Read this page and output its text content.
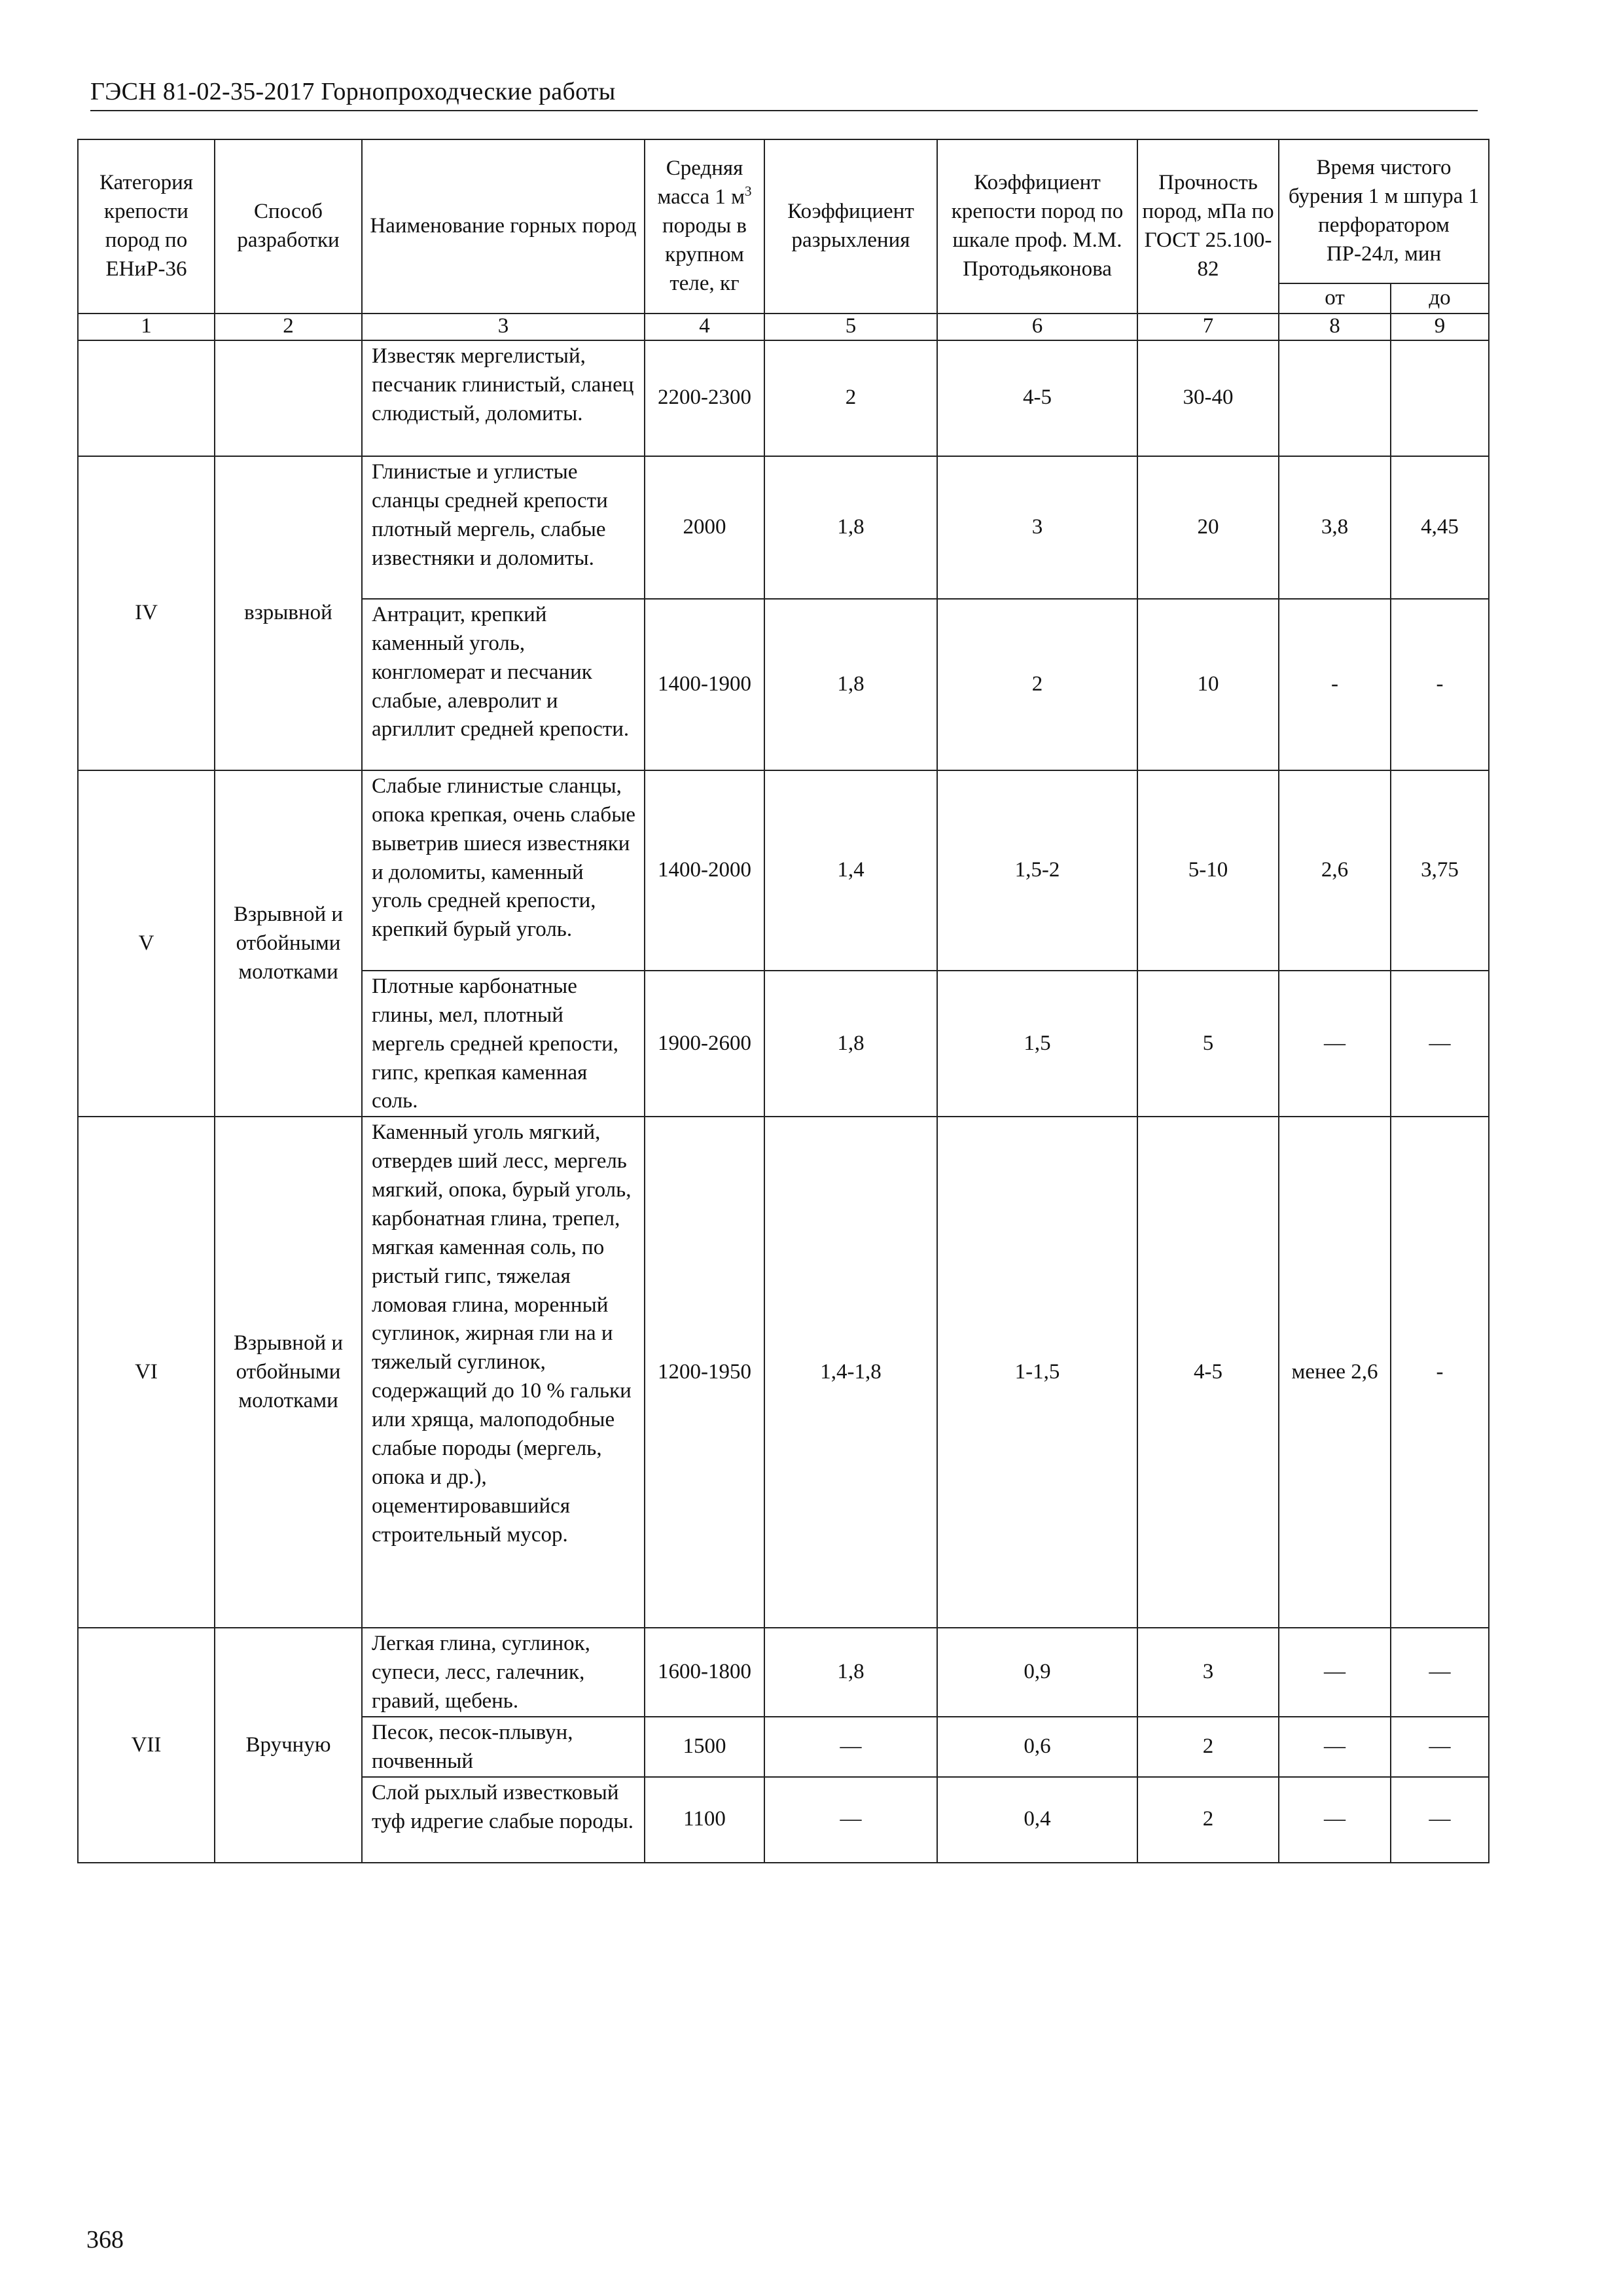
ГЭСН 81-02-35-2017 Горнопроходческие работы
Категория крепости пород по ЕНиР-36	Способ разработки	Наименование горных пород	Средняя масса 1 $м^3$ породы в крупном теле, кг	Коэффициент разрыхления	Коэффициент крепости пород по шкале проф. М.М. Протодьяконова	Прочность пород, мПа по ГОСТ 25.100-82	Время чистого бурения 1 м шпура 1 перфоратором ПР-24л, мин	
							от	до
1	2	3	4	5	6	7	8	9
		Известяк мергелистый, песчаник глинистый, сланец слюдистый, доломиты.	2200-2300	2	4-5	30-40		
IV	взрывной	Глинистые и углистые сланцы средней крепости плотный мергель, слабые известняки и доломиты.	2000	1,8	3	20	3,8	4,45
		Антрацит, крепкий каменный уголь, конгломерат и песчаник слабые, алевролит и аргиллит средней крепости.	1400-1900	1,8	2	10	-	-
V	Взрывной и отбойными молотками	Слабые глинистые сланцы, опока крепкая, очень слабые выветрив шиеся известняки и доломиты, каменный уголь средней крепости, крепкий бурый уголь.	1400-2000	1,4	1,5-2	5-10	2,6	3,75
		Плотные карбонатные глины, мел, плотный мергель средней крепости, гипс, крепкая каменная соль.	1900-2600	1,8	1,5	5	—	—
VI	Взрывной и отбойными молотками	Каменный уголь мягкий, отвердев ший лесс, мергель мягкий, опока, бурый уголь, карбонатная глина, трепел, мягкая каменная соль, по ристый гипс, тяжелая ломовая глина, моренный суглинок, жирная гли на и тяжелый суглинок, содержащий до 10 % гальки или хряща, малоподобные слабые породы (мергель, опока и др.), оцементировавшийся строительный мусор.	1200-1950	1,4-1,8	1-1,5	4-5	менее 2,6	-
VII	Вручную	Легкая глина, суглинок, супеси, лесс, галечник, гравий, щебень.	1600-1800	1,8	0,9	3	—	—
		Песок, песок-плывун, почвенный	1500	—	0,6	2	—	—
		Слой рыхлый известковый туф идрегие слабые породы.	1100	—	0,4	2	—	—
368
